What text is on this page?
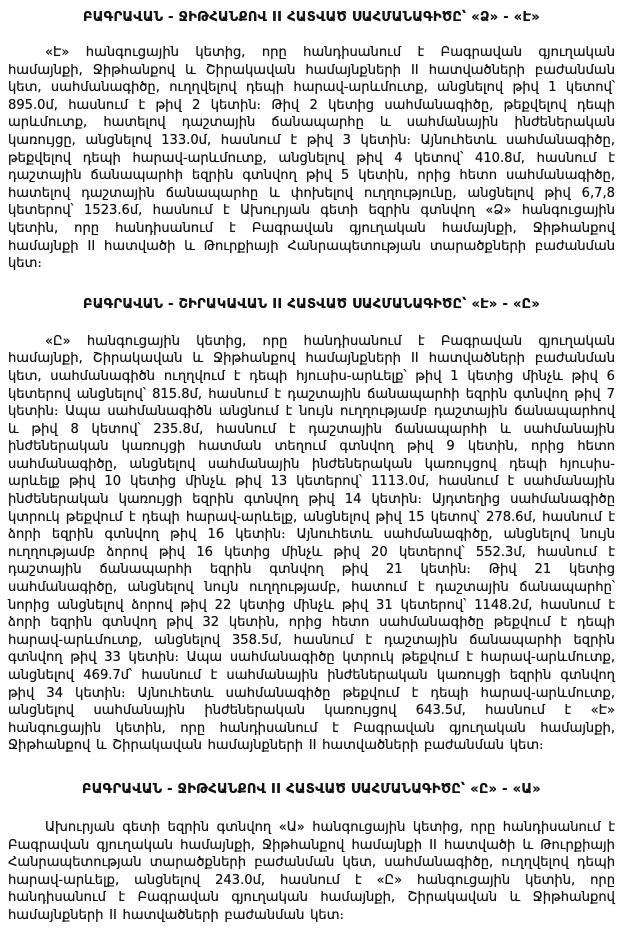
ԲԱԳՐԱՎԱՆ - ՋԻԹՀԱՆՔՈՎ II ՀԱՏՎԱԾ ՍԱՀՄԱՆԱԳԻԾԸ՝ «Ձ» - «Է»

«Է» հանգուցային կետից, որը հանդիսանում է Բագրավան գյուղական համայնքի, Ջիթհանքով և Շիրակավան համայնքների II հատվածների բաժանման կետ, սահմանագիծը, ուղղվելով դեպի հարավ-արևմուտք, անցնելով թիվ 1 կետով՝ 895.0մ, հասնում է թիվ 2 կետին։ Թիվ 2 կետից սահմանագիծը, թեքվելով դեպի արևմուտք, հատելով դաշտային ճանապարհը և սահմանային ինժեներական կառույցը, անցնելով 133.0մ, հասնում է թիվ 3 կետին։ Այնուհետև սահմանագիծը, թեքվելով դեպի հարավ-արևմուտք, անցնելով թիվ 4 կետով՝ 410.8մ, հասնում է դաշտային ճանապարհի եզրին գտնվող թիվ 5 կետին, որից հետո սահմանագիծը, հատելով դաշտային ճանապարհը և փոխելով ուղղությունը, անցնելով թիվ 6,7,8 կետերով՝ 1523.6մ, հասնում է Ախուրյան գետի եզրին գտնվող «Ձ» հանգուցային կետին, որը հանդիսանում է Բագրավան գյուղական համայնքի, Ջիթհանքով համայնքի II հատվածի և Թուրքիայի Հանրապետության տարածքների բաժանման կետ։

ԲԱԳՐԱՎԱՆ - ՇԻՐԱԿԱՎԱՆ II ՀԱՏՎԱԾ ՍԱՀՄԱՆԱԳԻԾԸ՝ «Է» - «Ը»

«Ը» հանգուցային կետից, որը հանդիսանում է Բագրավան գյուղական համայնքի, Շիրակավան և Ջիթհանքով համայնքների II հատվածների բաժանման կետ, սահմանագիծն ուղղվում է դեպի հյուսիս-արևելք՝ թիվ 1 կետից մինչև թիվ 6 կետերով անցնելով՝ 815.8մ, հասնում է դաշտային ճանապարհի եզրին գտնվող թիվ 7 կետին։ Ապա սահմանագիծն անցնում է նույն ուղղությամբ դաշտային ճանապարհով և թիվ 8 կետով՝ 235.8մ, հասնում է դաշտային ճանապարհի և սահմանային ինժեներական կառույցի հատման տեղում գտնվող թիվ 9 կետին, որից հետո սահմանագիծը, անցնելով սահմանային ինժեներական կառույցով դեպի հյուսիս-արևելք թիվ 10 կետից մինչև թիվ 13 կետերով՝ 1113.0մ, հասնում է սահմանային ինժեներական կառույցի եզրին գտնվող թիվ 14 կետին։ Այդտեղից սահմանագիծը կտրուկ թեքվում է դեպի հարավ-արևելք, անցնելով թիվ 15 կետով՝ 278.6մ, հասնում է ձորի եզրին գտնվող թիվ 16 կետին։ Այնուհետև սահմանագիծը, անցնելով նույն ուղղությամբ ձորով թիվ 16 կետից մինչև թիվ 20 կետերով՝ 552.3մ, հասնում է դաշտային ճանապարհի եզրին գտնվող թիվ 21 կետին։ Թիվ 21 կետից սահմանագիծը, անցնելով նույն ուղղությամբ, հատում է դաշտային ճանապարհը՝ նորից անցնելով ձորով թիվ 22 կետից մինչև թիվ 31 կետերով՝ 1148.2մ, հասնում է ձորի եզրին գտնվող թիվ 32 կետին, որից հետո սահմանագիծը թեքվում է դեպի հարավ-արևմուտք, անցնելով 358.5մ, հասնում է դաշտային ճանապարհի եզրին գտնվող թիվ 33 կետին։ Ապա սահմանագիծը կտրուկ թեքվում է հարավ-արևմուտք, անցնելով 469.7մ՝ հասնում է սահմանային ինժեներական կառույցի եզրին գտնվող թիվ 34 կետին։ Այնուհետև սահմանագիծը թեքվում է դեպի հարավ-արևմուտք, անցնելով սահմանային ինժեներական կառույցով 643.5մ, հասնում է «Է» հանգուցային կետին, որը հանդիսանում է Բագրավան գյուղական համայնքի, Ջիթհանքով և Շիրակավան համայնքների II հատվածների բաժանման կետ։

ԲԱԳՐԱՎԱՆ - ՋԻԹՀԱՆՔՈՎ II ՀԱՏՎԱԾ ՍԱՀՄԱՆԱԳԻԾԸ՝ «Ը» - «Ա»

Ախուրյան գետի եզրին գտնվող «Ա» հանգուցային կետից, որը հանդիսանում է Բագրավան գյուղական համայնքի, Ջիթհանքով համայնքի II հատվածի և Թուրքիայի Հանրապետության տարածքների բաժանման կետ, սահմանագիծը, ուղղվելով դեպի հարավ-արևելք, անցնելով 243.0մ, հասնում է «Ը» հանգուցային կետին, որը հանդիսանում է Բագրավան գյուղական համայնքի, Շիրակավան և Ջիթհանքով համայնքների II հատվածների բաժանման կետ։
